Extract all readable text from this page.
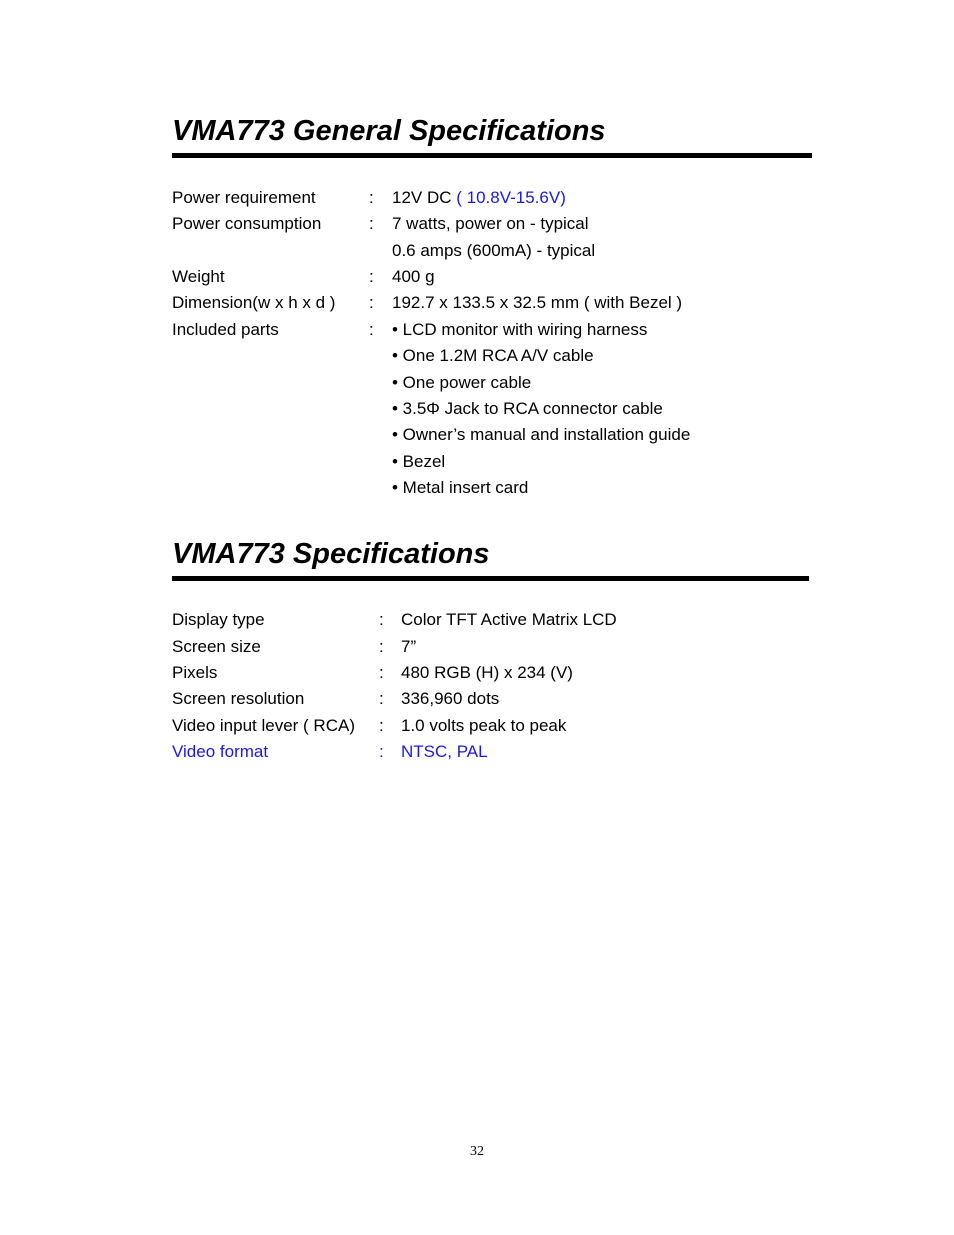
VMA773 General Specifications
Power requirement	: 12V DC ( 10.8V-15.6V)
Power consumption	: 7 watts, power on - typical
0.6 amps (600mA) - typical
Weight	: 400 g
Dimension(w x h x d ) : 192.7 x 133.5 x 32.5 mm ( with Bezel )
Included parts	: • LCD monitor with wiring harness
• One 1.2M RCA A/V cable
• One power cable
• 3.5Φ Jack to RCA connector cable
• Owner’s manual and installation guide
• Bezel
• Metal insert card
VMA773 Specifications
Display type	: Color TFT Active Matrix LCD
Screen size	: 7”
Pixels	: 480 RGB (H) x 234 (V)
Screen resolution	: 336,960 dots
Video input lever ( RCA) : 1.0 volts peak to peak
Video format	: NTSC, PAL
32
